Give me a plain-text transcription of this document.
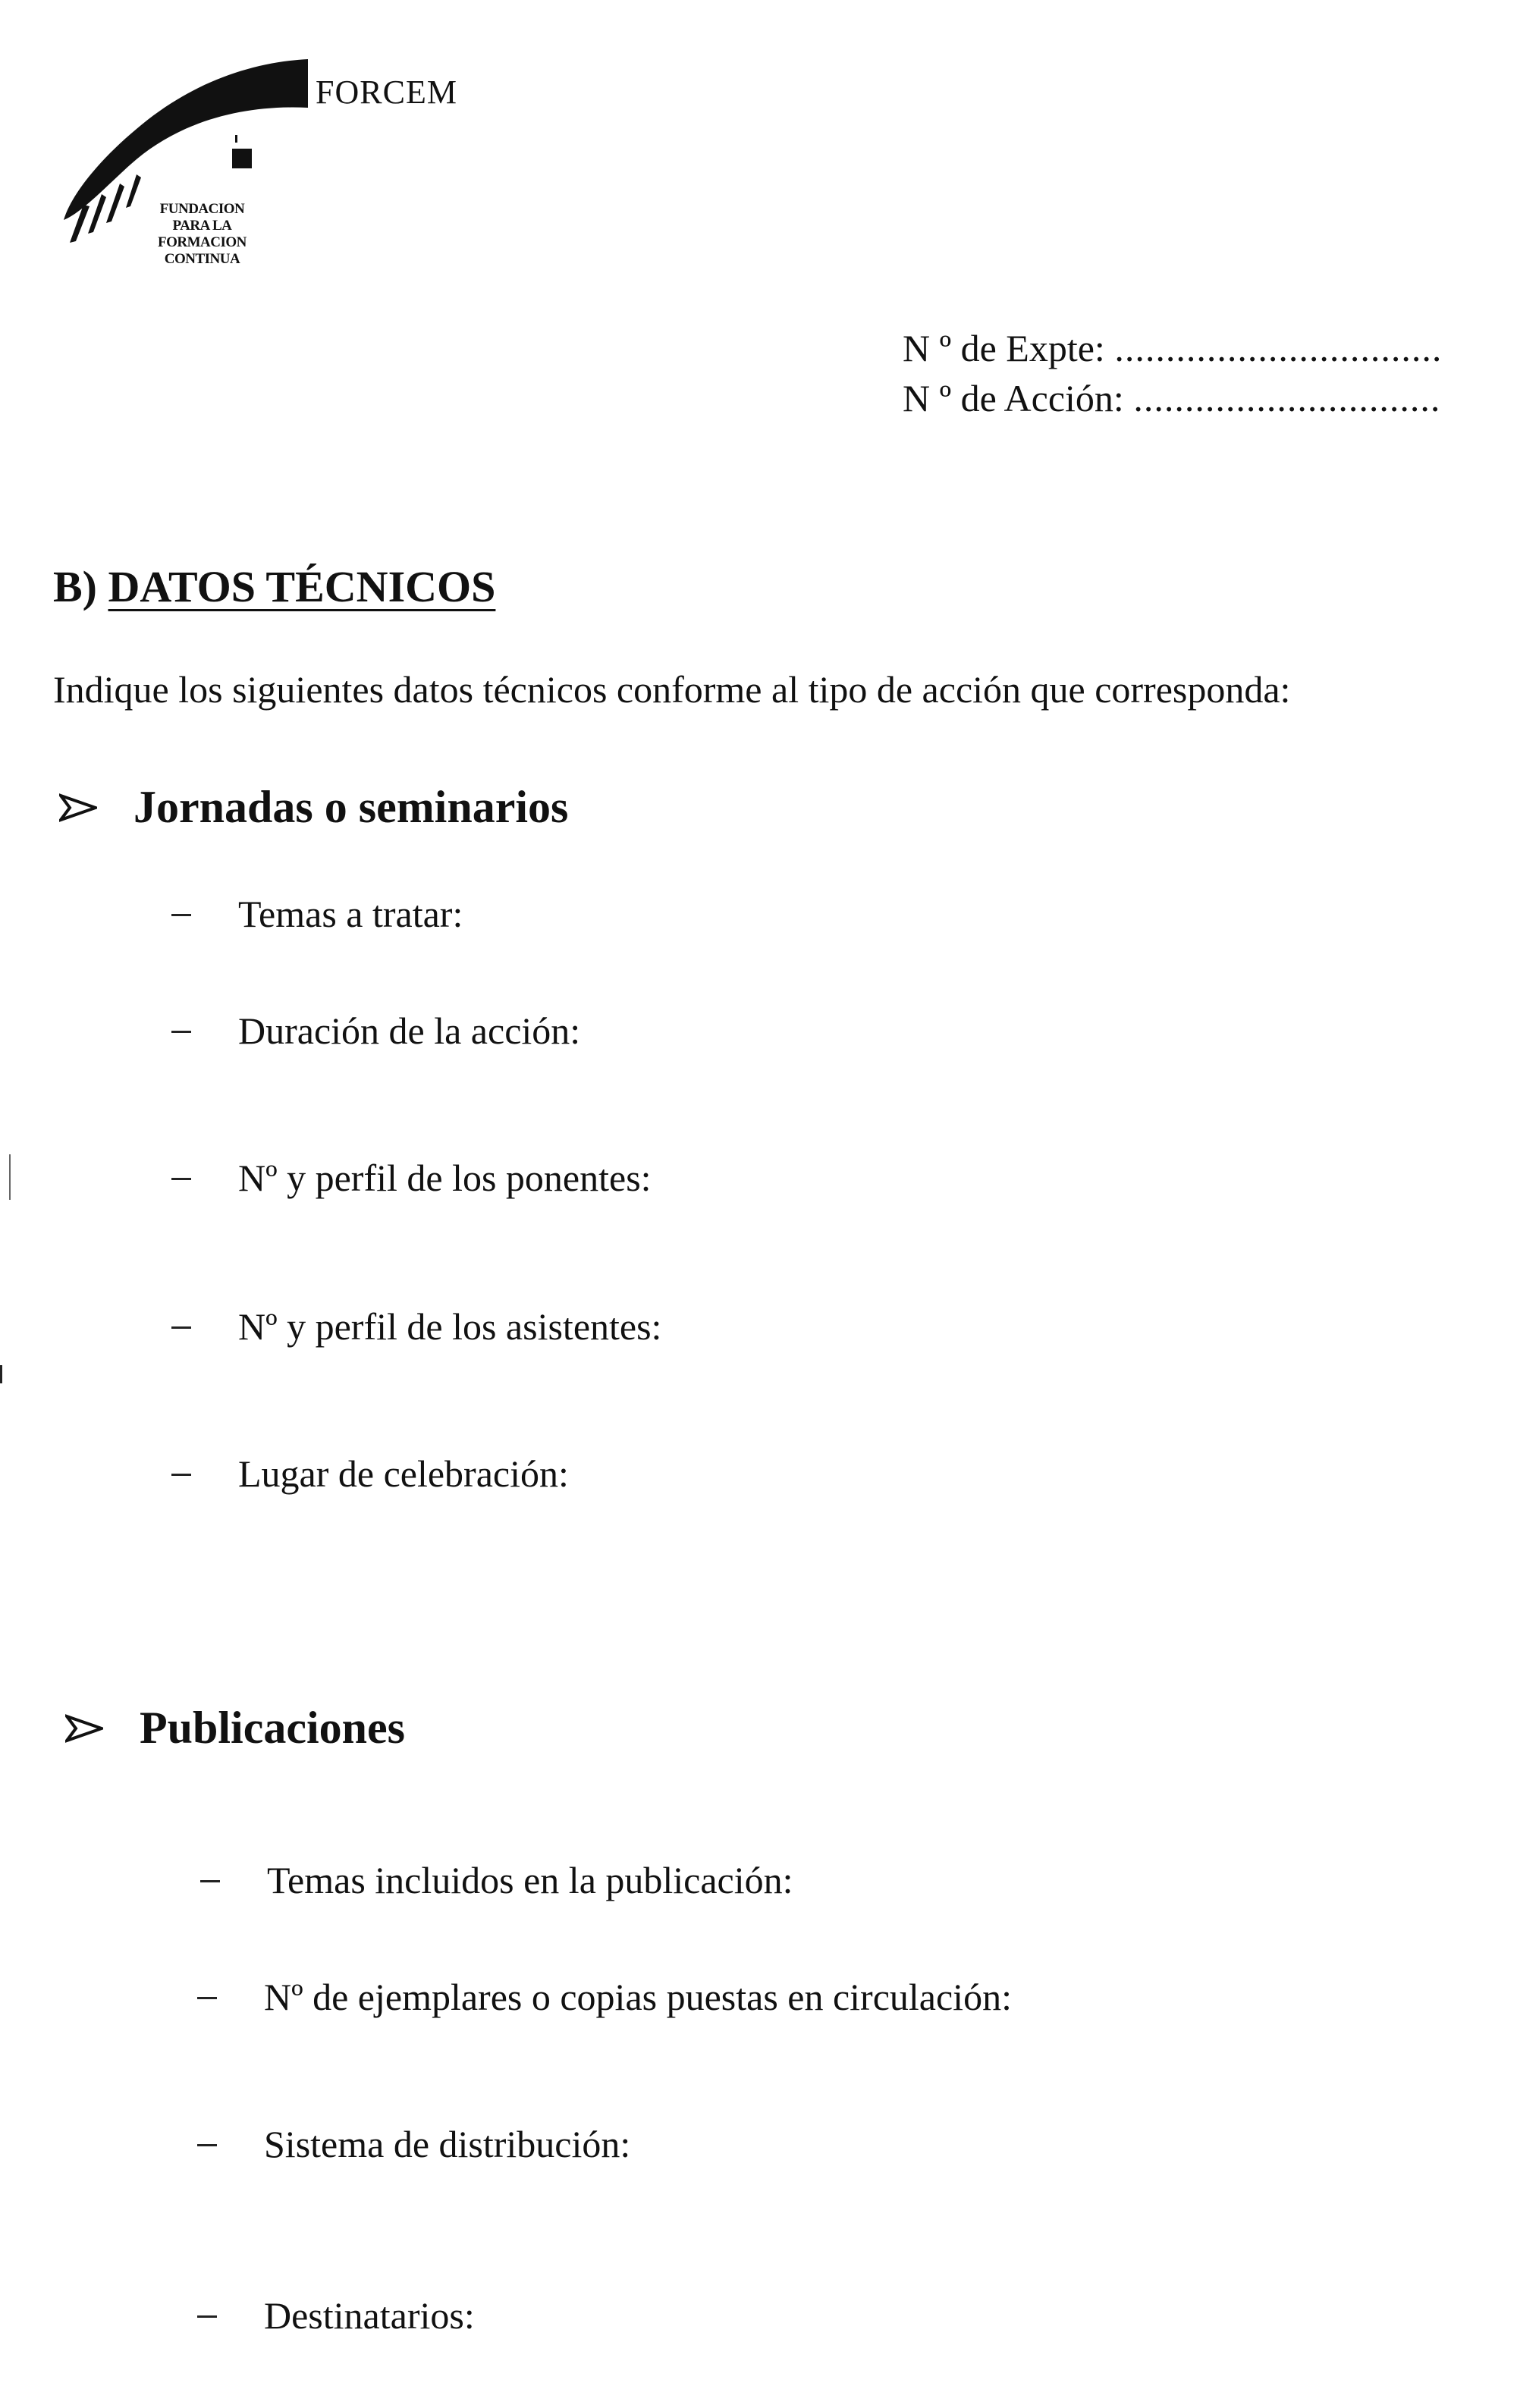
FORCEM
FUNDACION
PARA LA
FORMACION
CONTINUA
N º de Expte: ................................
N º de Acción: ..............................
B) DATOS TÉCNICOS
Indique los siguientes datos técnicos conforme al tipo de acción que corresponda:
Jornadas o seminarios
Temas a tratar:
Duración de la acción:
Nº y perfil de los ponentes:
Nº y perfil de los asistentes:
Lugar de celebración:
Publicaciones
Temas incluidos en la publicación:
Nº de ejemplares o copias puestas en circulación:
Sistema de distribución:
Destinatarios:
